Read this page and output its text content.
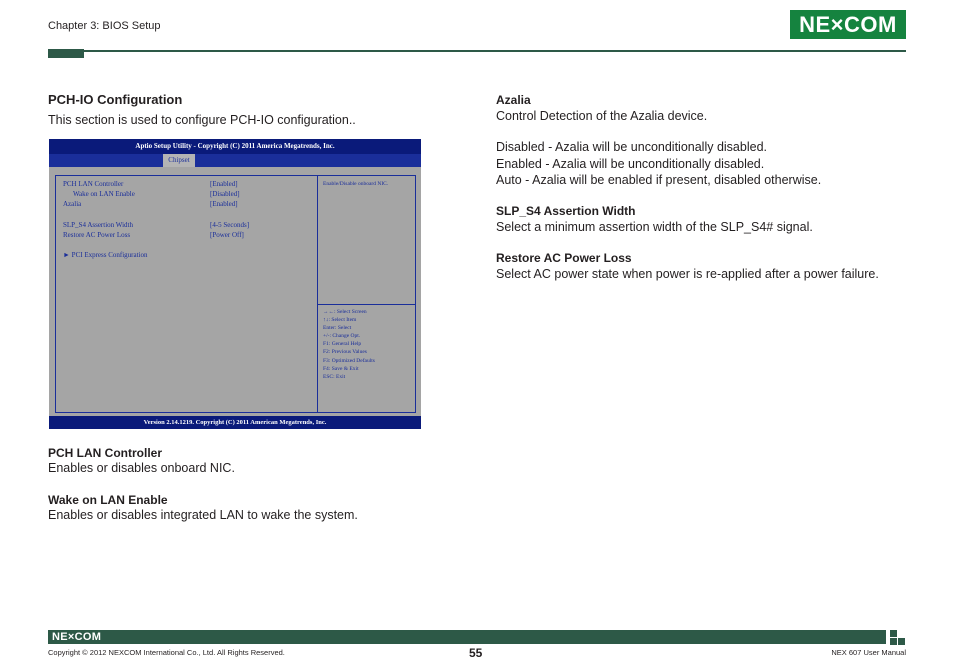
Chapter 3: BIOS Setup	NE×COM
PCH-IO Configuration
This section is used to configure PCH-IO configuration..
Aptio Setup Utility - Copyright (C) 2011 America Megatrends, Inc.
Chipset
PCH LAN Controller	[Enabled]
Wake on LAN Enable	[Disabled]
Azalia	[Enabled]
SLP_S4 Assertion Width	[4-5 Seconds]
Restore AC Power Loss	[Power Off]
► PCI Express Configuration
Enable/Disable onboard NIC.
→←: Select Screen
↑↓: Select Item
Enter: Select
+/-: Change Opt.
F1: General Help
F2: Previous Values
F3: Optimized Defaults
F4: Save & Exit
ESC: Exit
Version 2.14.1219. Copyright (C) 2011 American Megatrends, Inc.
PCH LAN Controller
Enables or disables onboard NIC.
Wake on LAN Enable
Enables or disables integrated LAN to wake the system.
Azalia
Control Detection of the Azalia device.
Disabled - Azalia will be unconditionally disabled.
Enabled - Azalia will be unconditionally disabled.
Auto - Azalia will be enabled if present, disabled otherwise.
SLP_S4 Assertion Width
Select a minimum assertion width of the SLP_S4# signal.
Restore AC Power Loss
Select AC power state when power is re-applied after a power failure.
NE×COM
Copyright © 2012 NEXCOM International Co., Ltd. All Rights Reserved.	55	NEX 607 User Manual
